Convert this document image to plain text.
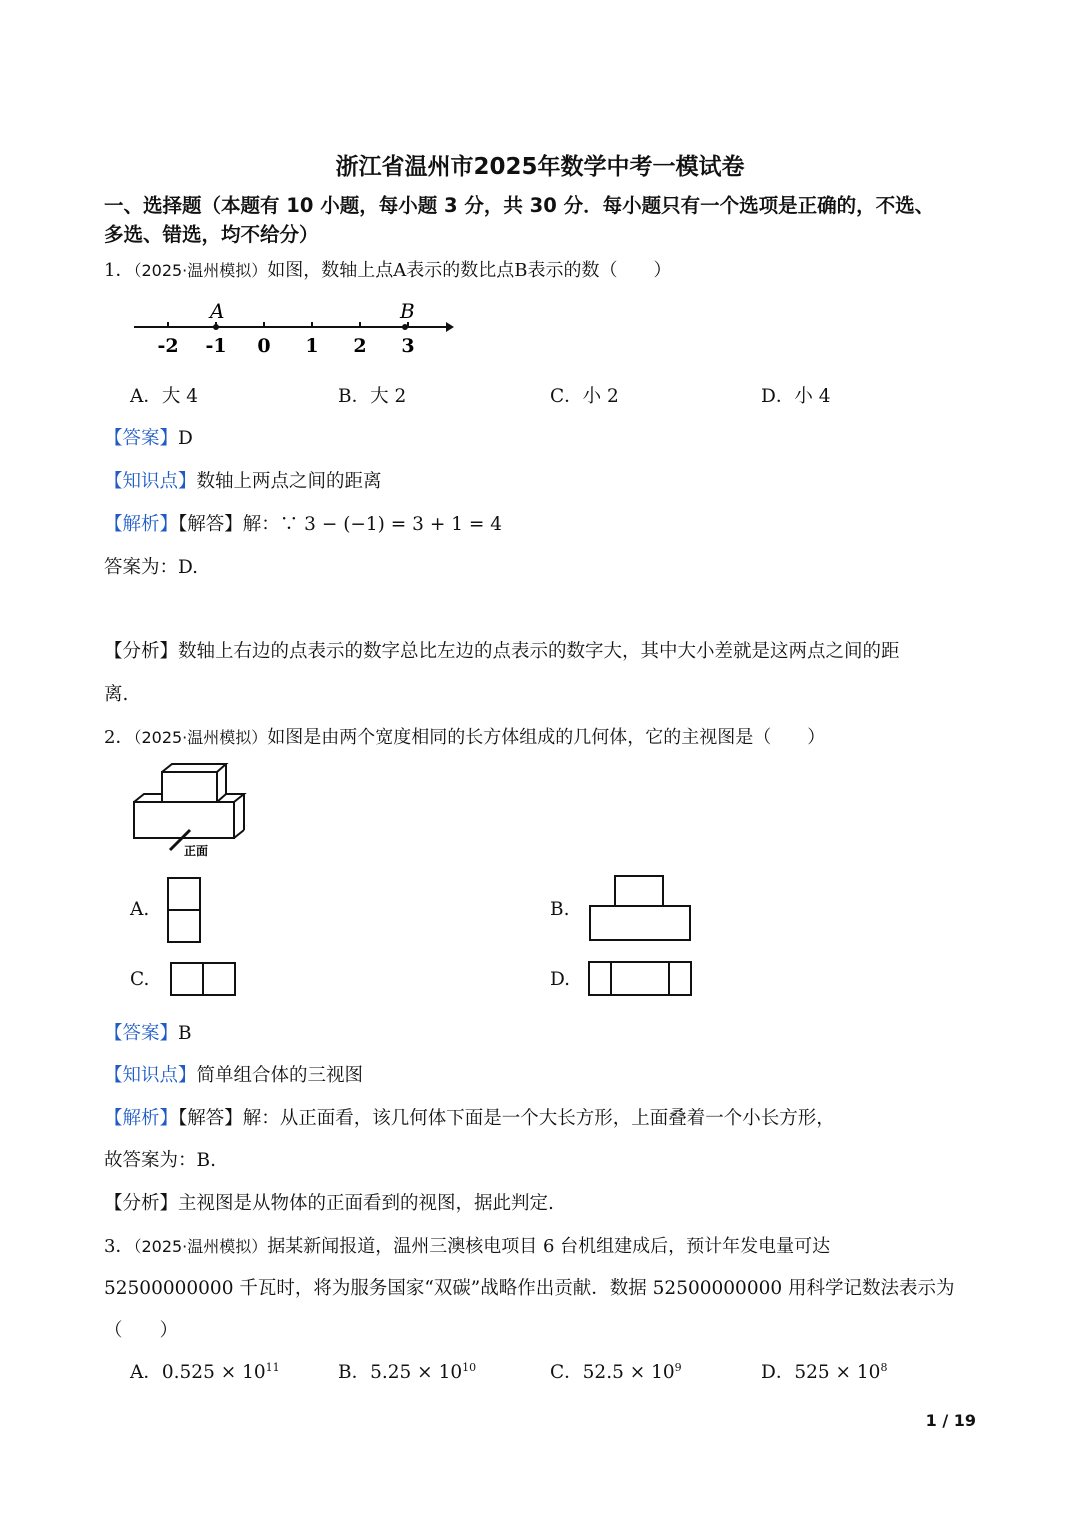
浙江省温州市2025年数学中考一模试卷
一、选择题（本题有 10 小题，每小题 3 分，共 30 分．每小题只有一个选项是正确的，不选、
多选、错选，均不给分）
1．（2025·温州模拟）如图，数轴上点A表示的数比点B表示的数（　　）
-2 -1 0 1 2 3
A	B
A．大 4	B．大 2	C．小 2	D．小 4
【答案】D
【知识点】数轴上两点之间的距离
【解析】【解答】解：∵ 3 − (−1) = 3 + 1 = 4
答案为：D.
【分析】数轴上右边的点表示的数字总比左边的点表示的数字大，其中大小差就是这两点之间的距
离.
2．（2025·温州模拟）如图是由两个宽度相同的长方体组成的几何体，它的主视图是（　　）
正面
A.	B.
C.	D.
【答案】B
【知识点】简单组合体的三视图
【解析】【解答】解：从正面看，该几何体下面是一个大长方形，上面叠着一个小长方形，
故答案为：B.
【分析】主视图是从物体的正面看到的视图，据此判定.
3．（2025·温州模拟）据某新闻报道，温州三澳核电项目 6 台机组建成后，预计年发电量可达
52500000000 千瓦时，将为服务国家“双碳”战略作出贡献．数据 52500000000 用科学记数法表示为
（　　）
A．$0.525 \times 10^{11}$	B．$5.25 \times 10^{10}$	C．$52.5 \times 10^9$	D．$525 \times 10^8$
1 / 19
